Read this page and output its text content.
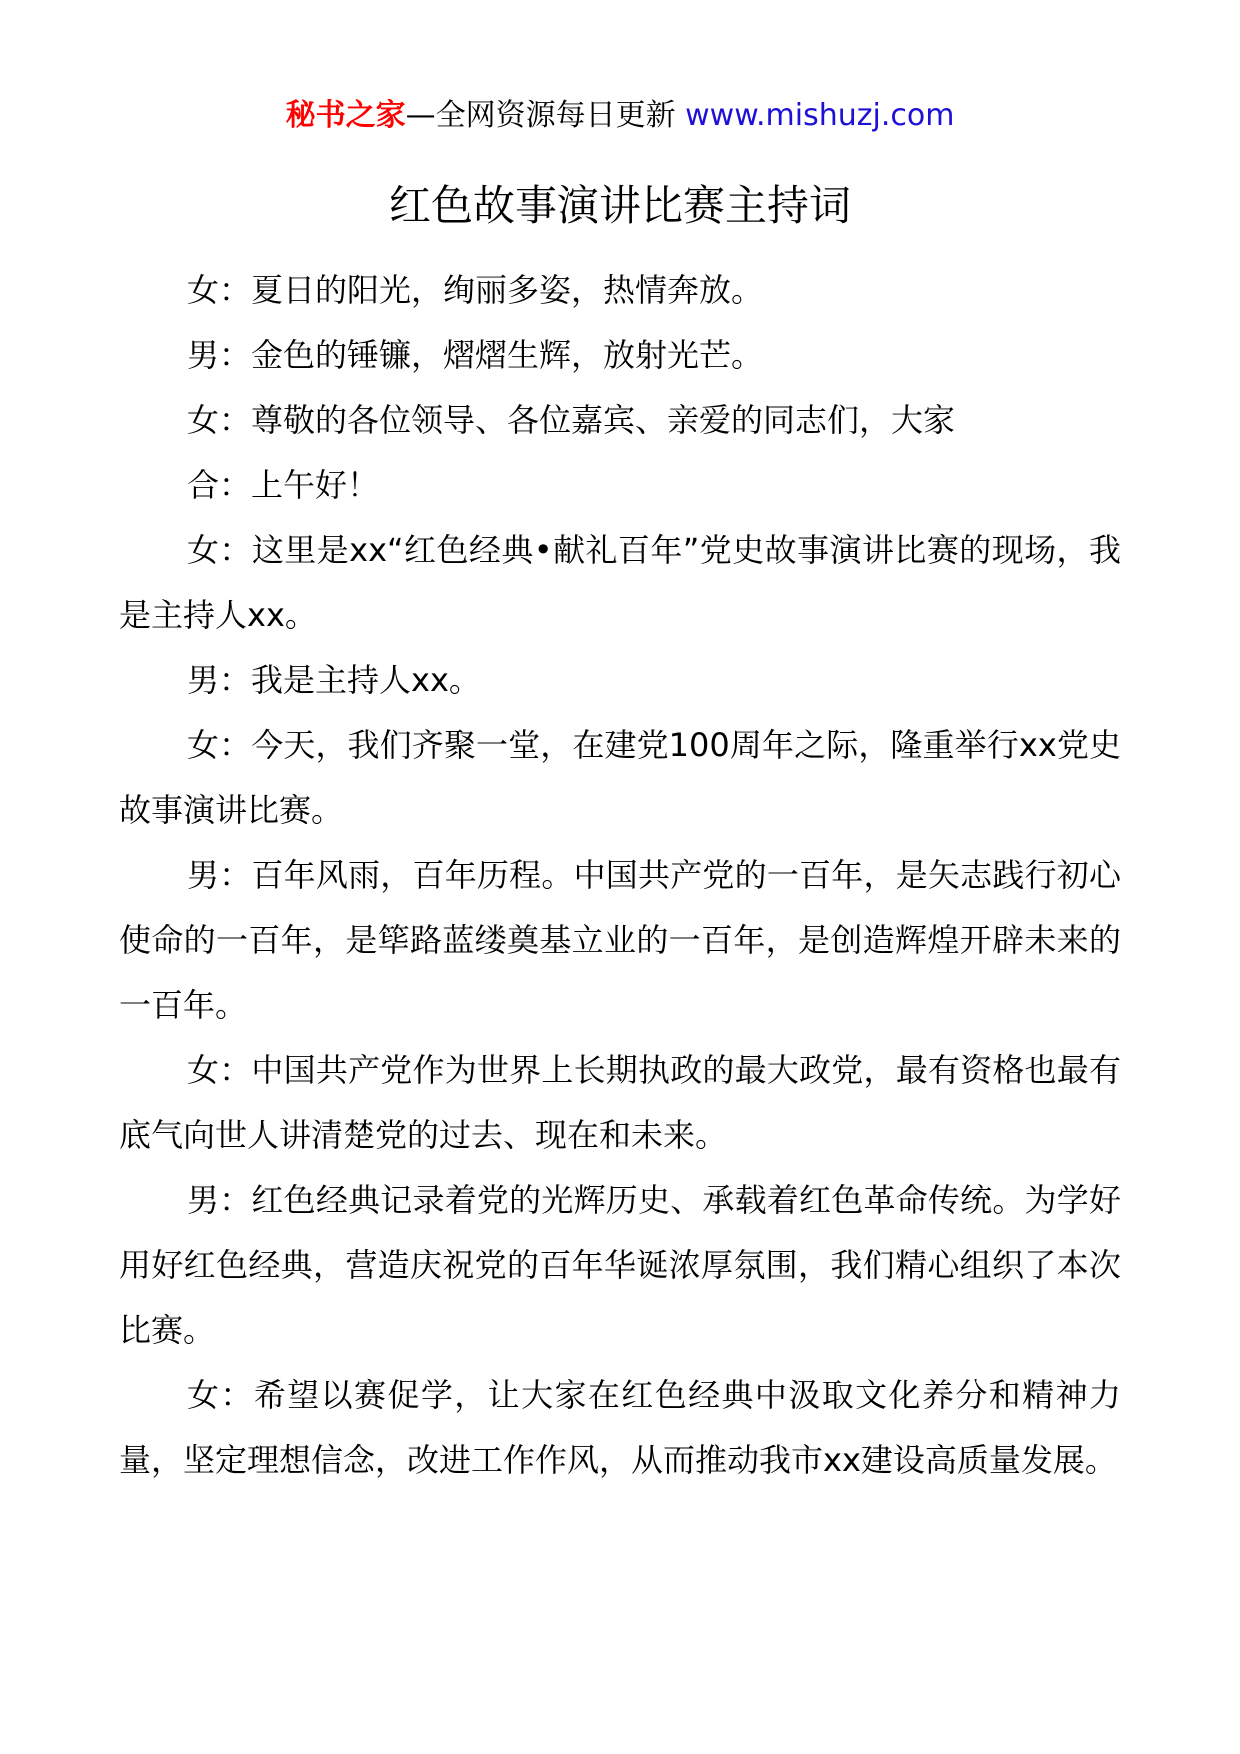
秘书之家—全网资源每日更新 www.mishuzj.com
红色故事演讲比赛主持词

女：夏日的阳光，绚丽多姿，热情奔放。

男：金色的锤镰，熠熠生辉，放射光芒。

女：尊敬的各位领导、各位嘉宾、亲爱的同志们，大家

合：上午好！

女：这里是xx“红色经典•献礼百年”党史故事演讲比赛的现场，我是主持人xx。

男：我是主持人xx。

女：今天，我们齐聚一堂，在建党100周年之际，隆重举行xx党史故事演讲比赛。

男：百年风雨，百年历程。中国共产党的一百年，是矢志践行初心使命的一百年，是筚路蓝缕奠基立业的一百年，是创造辉煌开辟未来的一百年。

女：中国共产党作为世界上长期执政的最大政党，最有资格也最有底气向世人讲清楚党的过去、现在和未来。

男：红色经典记录着党的光辉历史、承载着红色革命传统。为学好用好红色经典，营造庆祝党的百年华诞浓厚氛围，我们精心组织了本次比赛。

女：希望以赛促学，让大家在红色经典中汲取文化养分和精神力量，坚定理想信念，改进工作作风，从而推动我市xx建设高质量发展。
